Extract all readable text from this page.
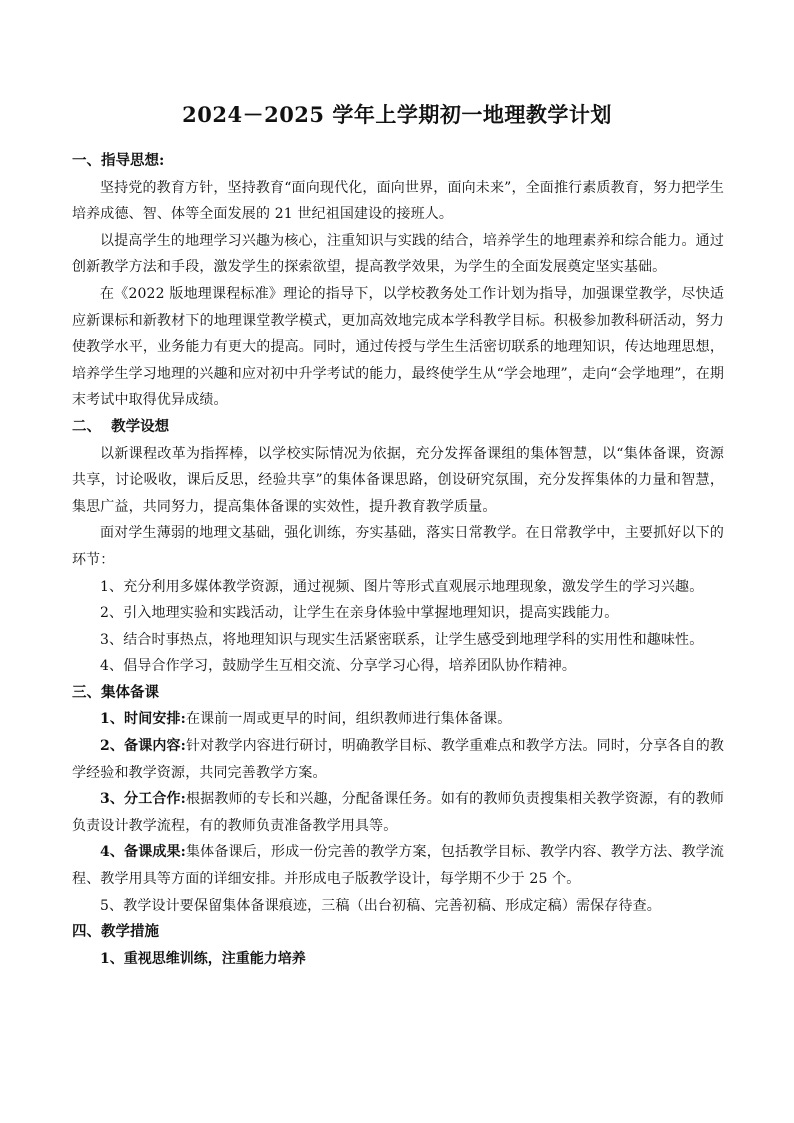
2024－2025 学年上学期初一地理教学计划
一、指导思想:

坚持党的教育方针，坚持教育“面向现代化，面向世界，面向未来”，全面推行素质教育，努力把学生培养成德、智、体等全面发展的 21 世纪祖国建设的接班人。

以提高学生的地理学习兴趣为核心，注重知识与实践的结合，培养学生的地理素养和综合能力。通过创新教学方法和手段，激发学生的探索欲望，提高教学效果，为学生的全面发展奠定坚实基础。

在《2022 版地理课程标准》理论的指导下，以学校教务处工作计划为指导，加强课堂教学，尽快适应新课标和新教材下的地理课堂教学模式，更加高效地完成本学科教学目标。积极参加教科研活动，努力使教学水平，业务能力有更大的提高。同时，通过传授与学生生活密切联系的地理知识，传达地理思想，培养学生学习地理的兴趣和应对初中升学考试的能力，最终使学生从“学会地理”，走向“会学地理”，在期末考试中取得优异成绩。

二、  教学设想

以新课程改革为指挥棒，以学校实际情况为依据，充分发挥备课组的集体智慧，以“集体备课，资源共享，讨论吸收，课后反思，经验共享”的集体备课思路，创设研究氛围，充分发挥集体的力量和智慧，集思广益，共同努力，提高集体备课的实效性，提升教育教学质量。

面对学生薄弱的地理文基础，强化训练，夯实基础，落实日常教学。在日常教学中，主要抓好以下的环节：

1、充分利用多媒体教学资源，通过视频、图片等形式直观展示地理现象，激发学生的学习兴趣。

2、引入地理实验和实践活动，让学生在亲身体验中掌握地理知识，提高实践能力。

3、结合时事热点，将地理知识与现实生活紧密联系，让学生感受到地理学科的实用性和趣味性。

4、倡导合作学习，鼓励学生互相交流、分享学习心得，培养团队协作精神。

三、集体备课

1、时间安排:在课前一周或更早的时间，组织教师进行集体备课。

2、备课内容:针对教学内容进行研讨，明确教学目标、教学重难点和教学方法。同时，分享各自的教学经验和教学资源，共同完善教学方案。

3、分工合作:根据教师的专长和兴趣，分配备课任务。如有的教师负责搜集相关教学资源，有的教师负责设计教学流程，有的教师负责准备教学用具等。

4、备课成果:集体备课后，形成一份完善的教学方案，包括教学目标、教学内容、教学方法、教学流程、教学用具等方面的详细安排。并形成电子版教学设计，每学期不少于 25 个。

5、教学设计要保留集体备课痕迹，三稿（出台初稿、完善初稿、形成定稿）需保存待查。

四、教学措施
1、重视思维训练，注重能力培养
